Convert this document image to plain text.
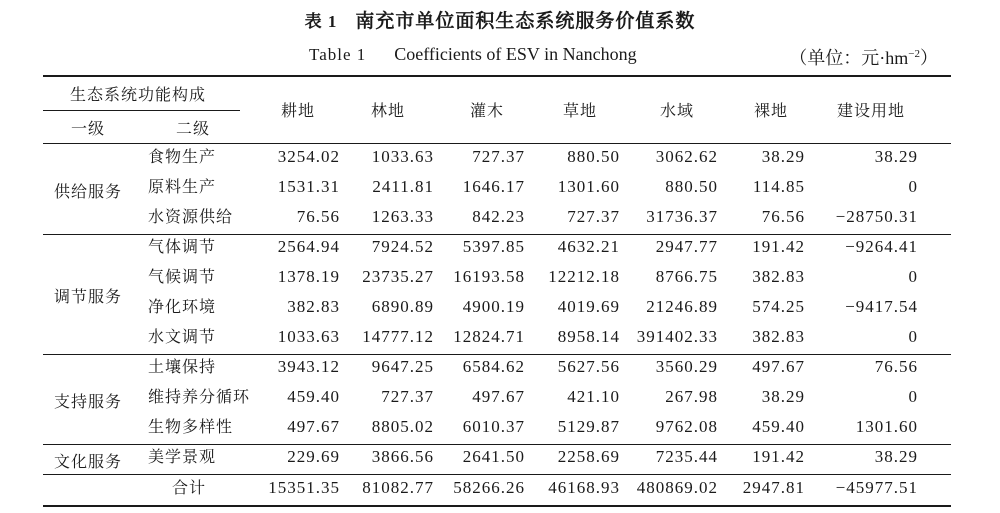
表 1 南充市单位面积生态系统服务价值系数
Table 1 Coefficients of ESV in Nanchong	（单位：元$\cdot hm^{-2}$）
生态系统功能构成
一级	二级
耕地	林地	灌木	草地	水域	裸地	建设用地
食物生产	3254.02	1033.63	727.37	880.50	3062.62	38.29	38.29
原料生产	1531.31	2411.81	1646.17	1301.60	880.50	114.85	0
水资源供给	76.56	1263.33	842.23	727.37	31736.37	76.56	−28750.31
供给服务
气体调节	2564.94	7924.52	5397.85	4632.21	2947.77	191.42	−9264.41
气候调节	1378.19	23735.27	16193.58	12212.18	8766.75	382.83	0
净化环境	382.83	6890.89	4900.19	4019.69	21246.89	574.25	−9417.54
水文调节	1033.63	14777.12	12824.71	8958.14 391402.33	382.83	0
调节服务
土壤保持	3943.12	9647.25	6584.62	5627.56	3560.29	497.67	76.56
维持养分循环	459.40	727.37	497.67	421.10	267.98	38.29	0
生物多样性	497.67	8805.02	6010.37	5129.87	9762.08	459.40	1301.60
支持服务
美学景观	229.69	3866.56	2641.50	2258.69	7235.44	191.42	38.29
文化服务
合计	15351.35	81082.77	58266.26	46168.93 480869.02	2947.81	−45977.51
